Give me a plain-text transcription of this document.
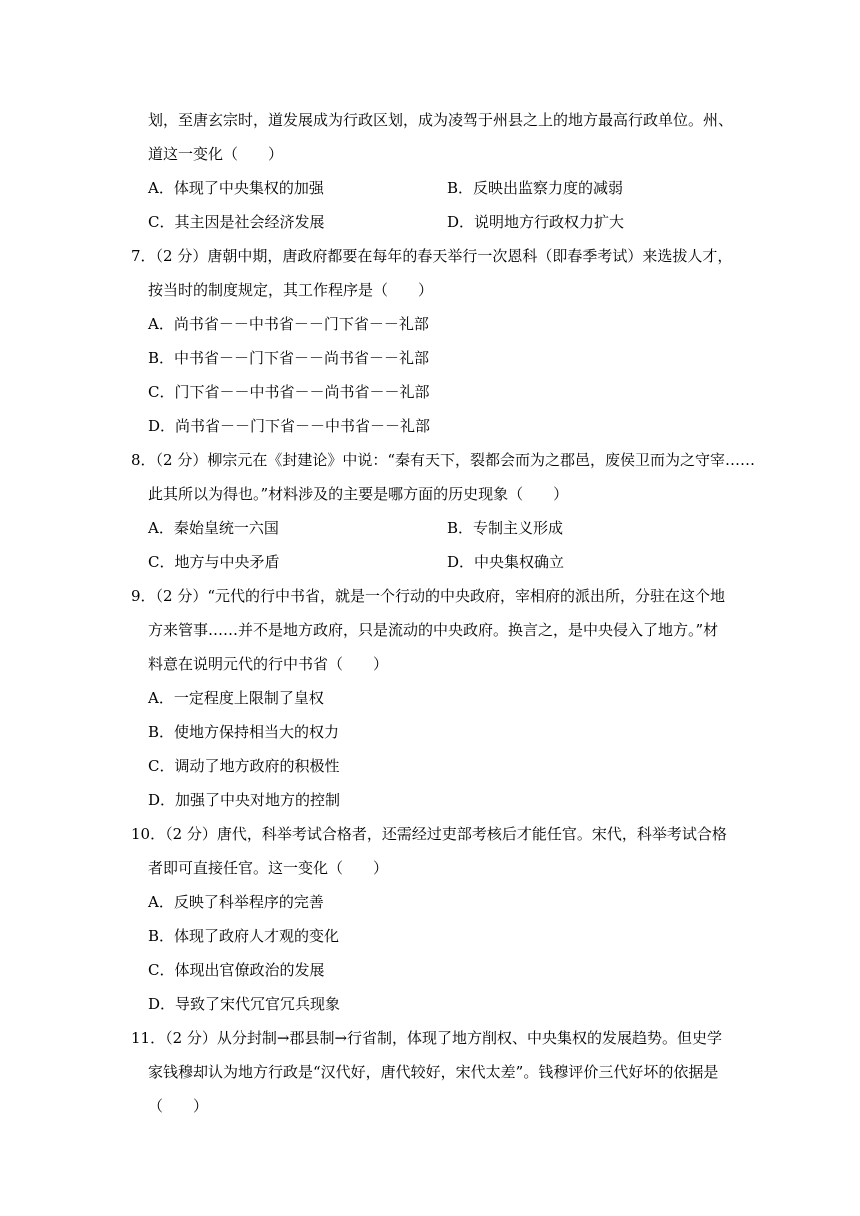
划，至唐玄宗时，道发展成为行政区划，成为凌驾于州县之上的地方最高行政单位。州、
道这一变化（　　）
A．体现了中央集权的加强	B．反映出监察力度的减弱
C．其主因是社会经济发展	D．说明地方行政权力扩大
7．（2 分）唐朝中期，唐政府都要在每年的春天举行一次恩科（即春季考试）来选拔人才，
按当时的制度规定，其工作程序是（　　）
A．尚书省－－中书省－－门下省－－礼部
B．中书省－－门下省－－尚书省－－礼部
C．门下省－－中书省－－尚书省－－礼部
D．尚书省－－门下省－－中书省－－礼部
8．（2 分）柳宗元在《封建论》中说：“秦有天下，裂都会而为之郡邑，废侯卫而为之守宰……
此其所以为得也。”材料涉及的主要是哪方面的历史现象（　　）
A．秦始皇统一六国	B．专制主义形成
C．地方与中央矛盾	D．中央集权确立
9．（2 分）“元代的行中书省，就是一个行动的中央政府，宰相府的派出所，分驻在这个地
方来管事……并不是地方政府，只是流动的中央政府。换言之，是中央侵入了地方。”材
料意在说明元代的行中书省（　　）
A．一定程度上限制了皇权
B．使地方保持相当大的权力
C．调动了地方政府的积极性
D．加强了中央对地方的控制
10．（2 分）唐代，科举考试合格者，还需经过吏部考核后才能任官。宋代，科举考试合格
者即可直接任官。这一变化（　　）
A．反映了科举程序的完善
B．体现了政府人才观的变化
C．体现出官僚政治的发展
D．导致了宋代冗官冗兵现象
11．（2 分）从分封制→郡县制→行省制，体现了地方削权、中央集权的发展趋势。但史学
家钱穆却认为地方行政是“汉代好，唐代较好，宋代太差”。钱穆评价三代好坏的依据是
（　　）
